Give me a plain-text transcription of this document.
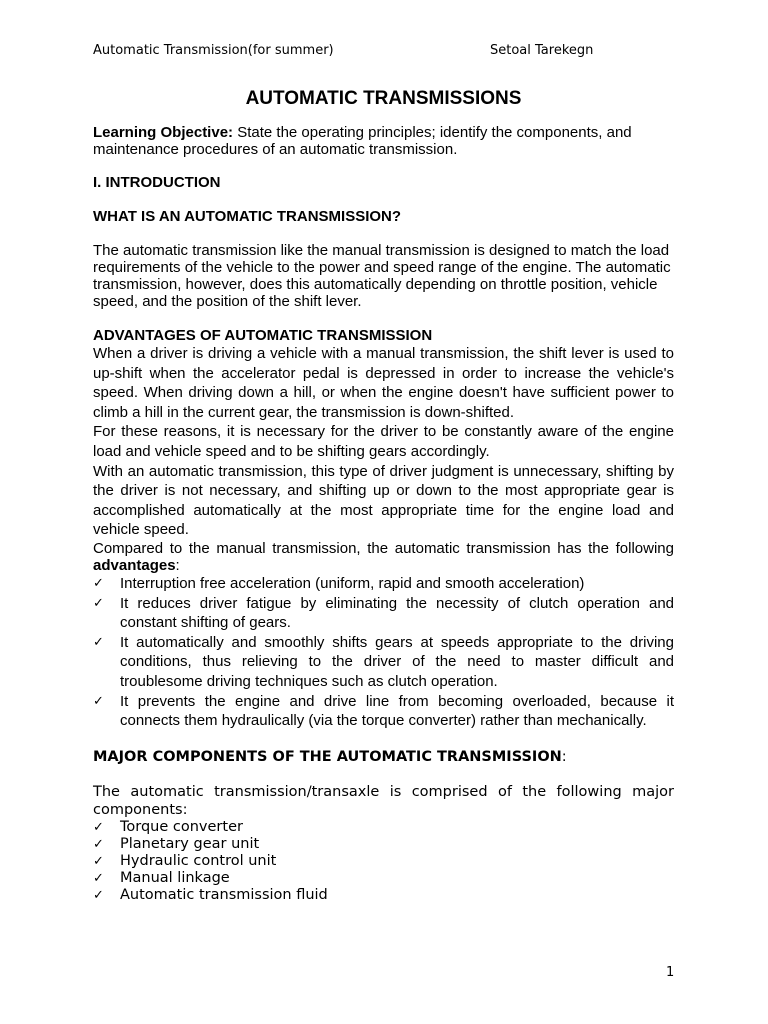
Automatic Transmission(for summer)	Setoal Tarekegn
AUTOMATIC TRANSMISSIONS

Learning Objective: State the operating principles; identify the components, and maintenance procedures of an automatic transmission.

I. INTRODUCTION

WHAT IS AN AUTOMATIC TRANSMISSION?

The automatic transmission like the manual transmission is designed to match the load requirements of the vehicle to the power and speed range of the engine. The automatic transmission, however, does this automatically depending on throttle position, vehicle speed, and the position of the shift lever.

ADVANTAGES OF AUTOMATIC TRANSMISSION

When a driver is driving a vehicle with a manual transmission, the shift lever is used to up-shift when the accelerator pedal is depressed in order to increase the vehicle's speed. When driving down a hill, or when the engine doesn't have sufficient power to climb a hill in the current gear, the transmission is down-shifted.

For these reasons, it is necessary for the driver to be constantly aware of the engine load and vehicle speed and to be shifting gears accordingly.

With an automatic transmission, this type of driver judgment is unnecessary, shifting by the driver is not necessary, and shifting up or down to the most appropriate gear is accomplished automatically at the most appropriate time for the engine load and vehicle speed.

Compared to the manual transmission, the automatic transmission has the following advantages:

✓ Interruption free acceleration (uniform, rapid and smooth acceleration)
✓ It reduces driver fatigue by eliminating the necessity of clutch operation and constant shifting of gears.
✓ It automatically and smoothly shifts gears at speeds appropriate to the driving conditions, thus relieving to the driver of the need to master difficult and troublesome driving techniques such as clutch operation.
✓ It prevents the engine and drive line from becoming overloaded, because it connects them hydraulically (via the torque converter) rather than mechanically.

MAJOR COMPONENTS OF THE AUTOMATIC TRANSMISSION:

The automatic transmission/transaxle is comprised of the following major components:

✓ Torque converter
✓ Planetary gear unit
✓ Hydraulic control unit
✓ Manual linkage
✓ Automatic transmission fluid
1
